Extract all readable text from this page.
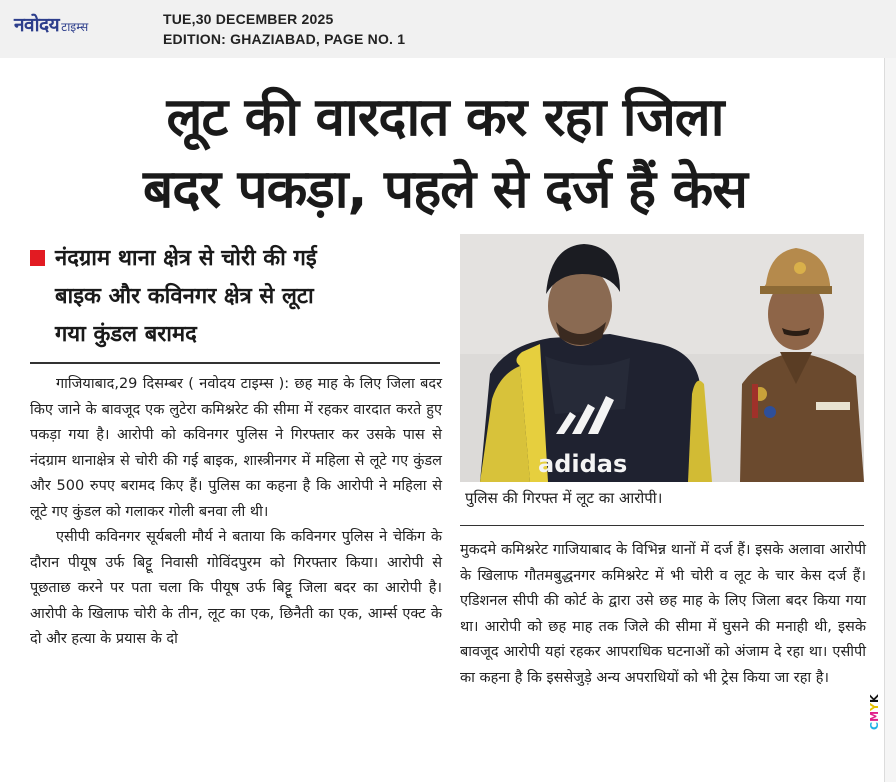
नवोदय टाइम्स	TUE,30 DECEMBER 2025
EDITION: GHAZIABAD, PAGE NO. 1
CMYK
लूट की वारदात कर रहा जिला
बदर पकड़ा, पहले से दर्ज हैं केस
नंदग्राम थाना क्षेत्र से चोरी की गई
बाइक और कविनगर क्षेत्र से लूटा
गया कुंडल बरामद

गाजियाबाद,29 दिसम्बर ( नवोदय टाइम्स ): छह माह के लिए जिला बदर किए जाने के बावजूद एक लुटेरा कमिश्नरेट की सीमा में रहकर वारदात करते हुए पकड़ा गया है। आरोपी को कविनगर पुलिस ने गिरफ्तार कर उसके पास से नंदग्राम थानाक्षेत्र से चोरी की गई बाइक, शास्त्रीनगर में महिला से लूटे गए कुंडल और 500 रुपए बरामद किए हैं। पुलिस का कहना है कि आरोपी ने महिला से लूटे गए कुंडल को गलाकर गोली बनवा ली थी।

एसीपी कविनगर सूर्यबली मौर्य ने बताया कि कविनगर पुलिस ने चेकिंग के दौरान पीयूष उर्फ बिट्टू निवासी गोविंदपुरम को गिरफ्तार किया। आरोपी से पूछताछ करने पर पता चला कि पीयूष उर्फ बिट्टू जिला बदर का आरोपी है। आरोपी के खिलाफ चोरी के तीन, लूट का एक, छिनैती का एक, आर्म्स एक्ट के दो और हत्या के प्रयास के दो

adidas
पुलिस की गिरफ्त में लूट का आरोपी।

मुकदमे कमिश्नरेट गाजियाबाद के विभिन्न थानों में दर्ज हैं। इसके अलावा आरोपी के खिलाफ गौतमबुद्धनगर कमिश्नरेट में भी चोरी व लूट के चार केस दर्ज हैं। एडिशनल सीपी की कोर्ट के द्वारा उसे छह माह के लिए जिला बदर किया गया था। आरोपी को छह माह तक जिले की सीमा में घुसने की मनाही थी, इसके बावजूद आरोपी यहां रहकर आपराधिक घटनाओं को अंजाम दे रहा था। एसीपी का कहना है कि इससेजुड़े अन्य अपराधियों को भी ट्रेस किया जा रहा है।
